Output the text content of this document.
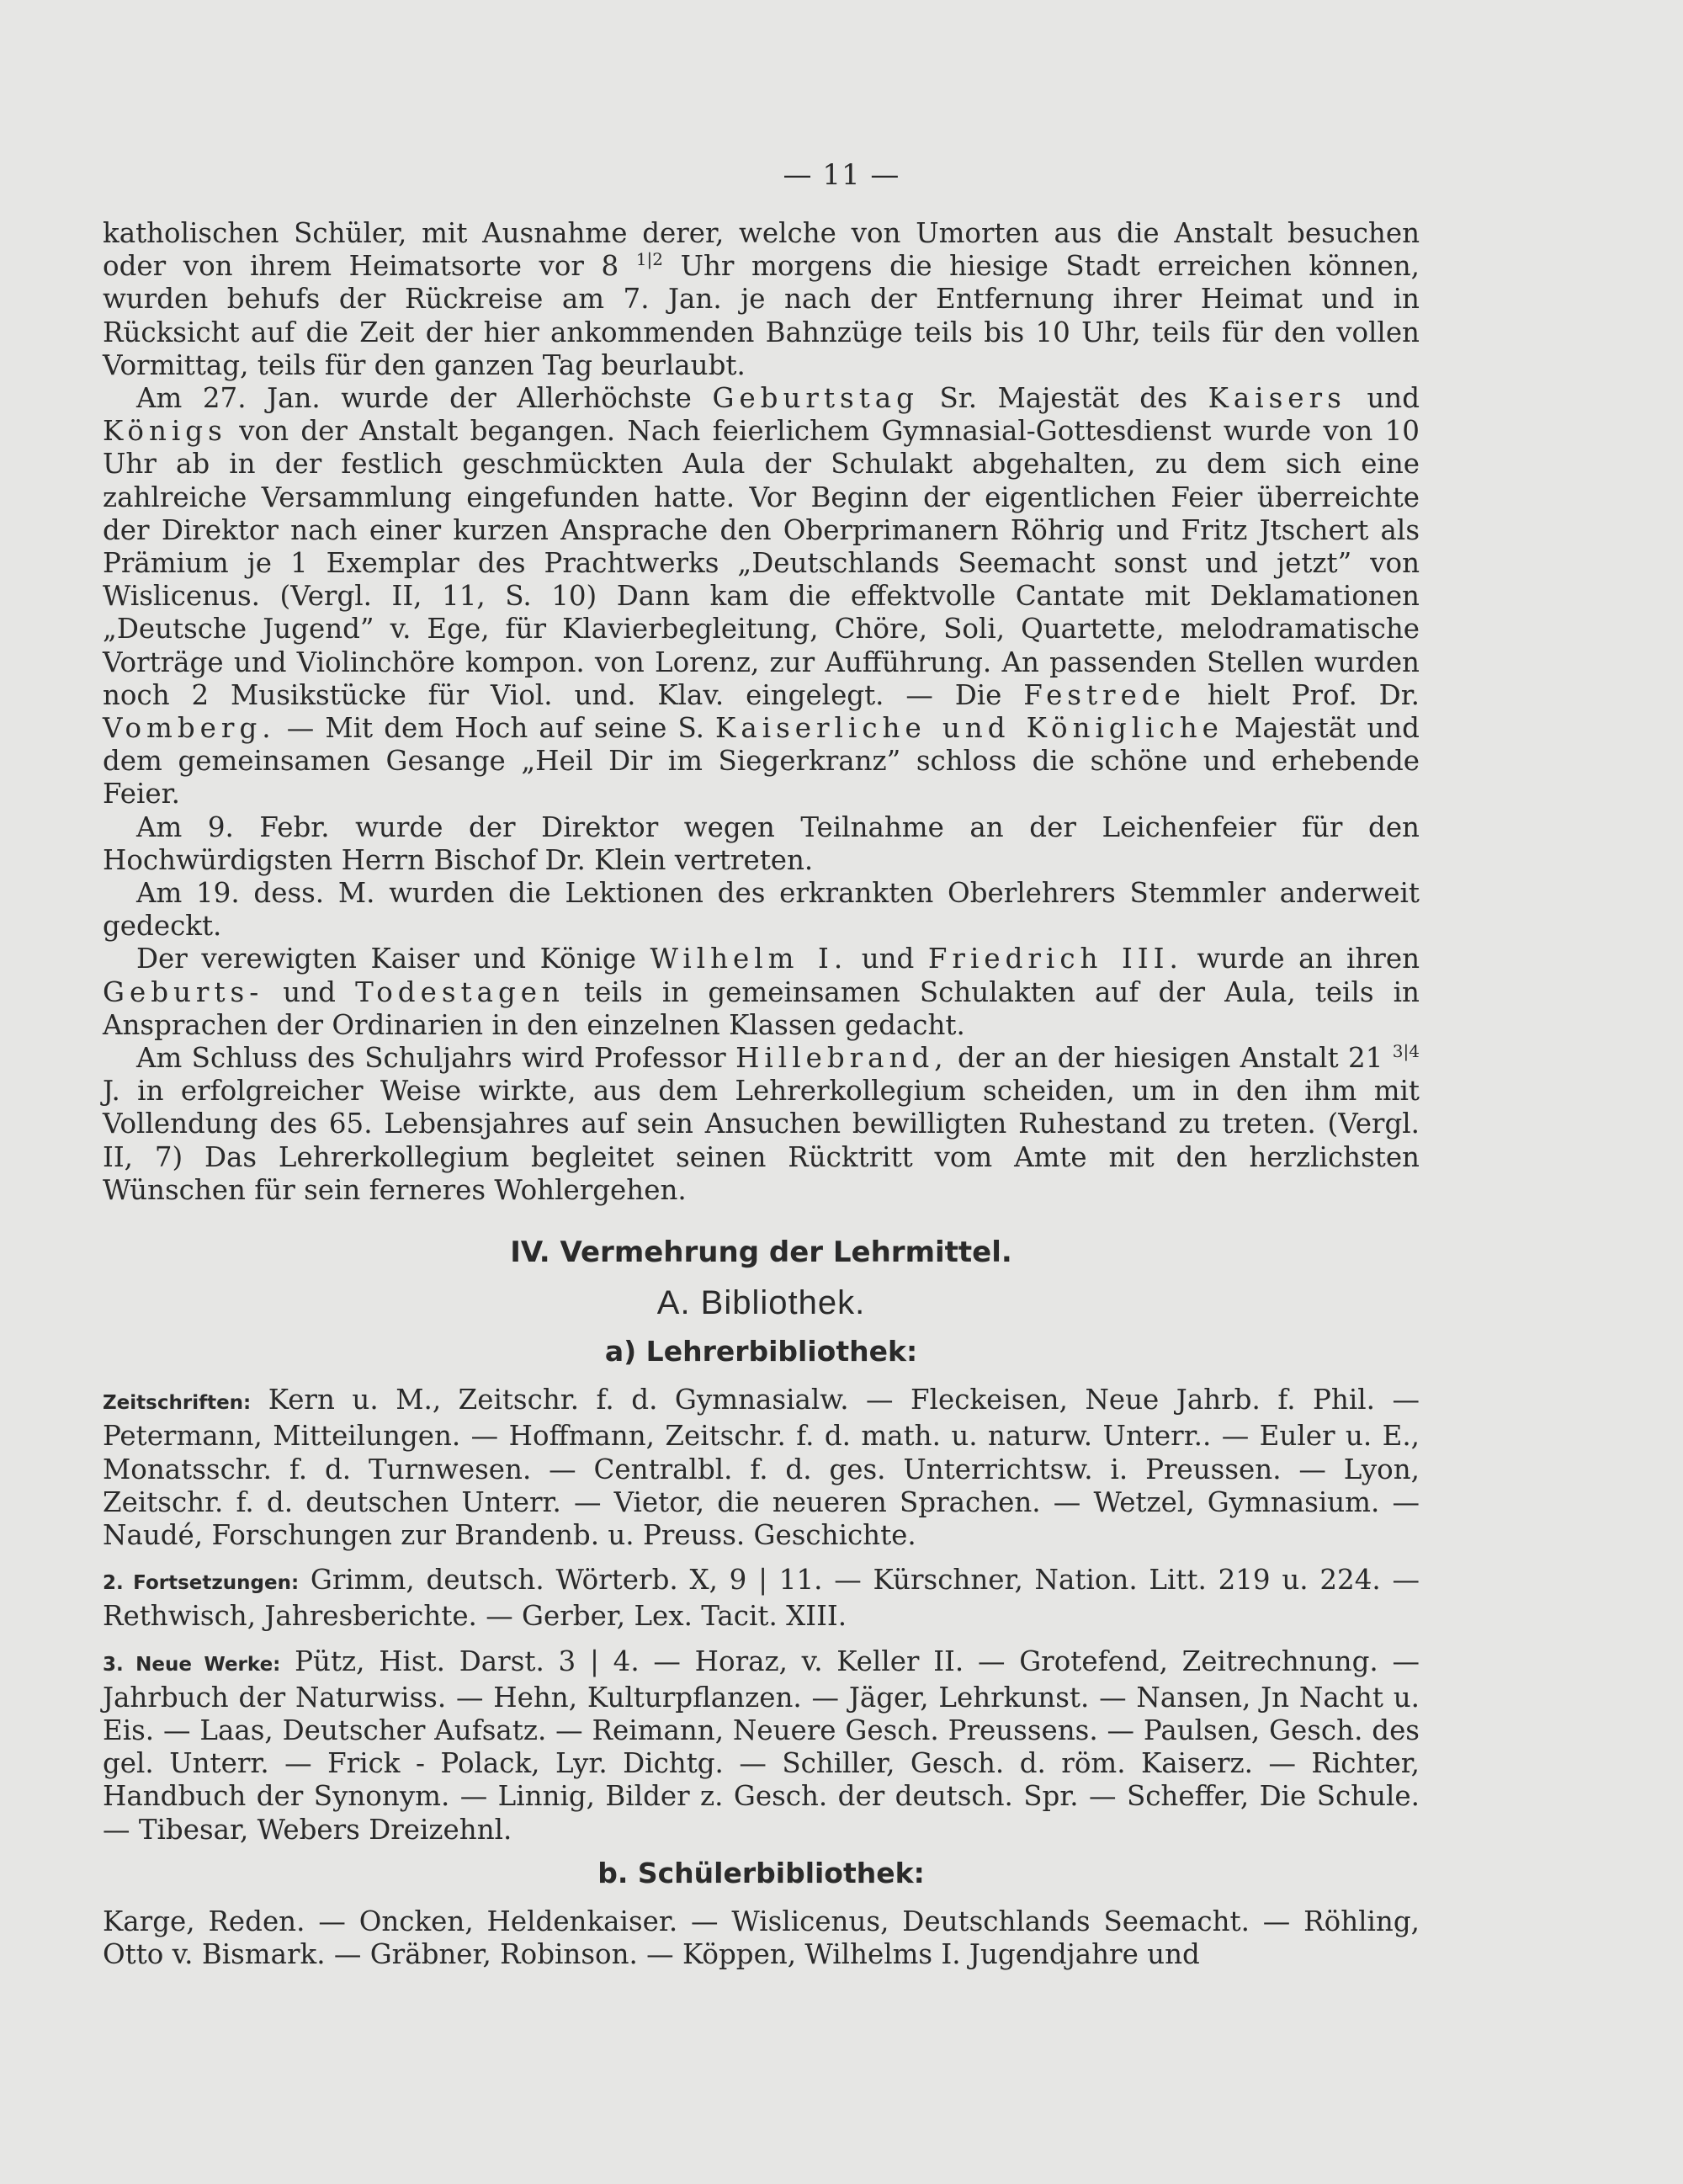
— 11 —

katholischen Schüler, mit Ausnahme derer, welche von Umorten aus die Anstalt besuchen oder von ihrem Heimatsorte vor 8 $^{1|2}$ Uhr morgens die hiesige Stadt erreichen können, wurden behufs der Rückreise am 7. Jan. je nach der Entfernung ihrer Heimat und in Rücksicht auf die Zeit der hier ankommenden Bahnzüge teils bis 10 Uhr, teils für den vollen Vormittag, teils für den ganzen Tag beurlaubt.

Am 27. Jan. wurde der Allerhöchste Geburtstag Sr. Majestät des Kaisers und Königs von der Anstalt begangen. Nach feierlichem Gymnasial-Gottesdienst wurde von 10 Uhr ab in der festlich geschmückten Aula der Schulakt abgehalten, zu dem sich eine zahlreiche Versammlung eingefunden hatte. Vor Beginn der eigentlichen Feier überreichte der Direktor nach einer kurzen Ansprache den Oberprimanern Röhrig und Fritz Jtschert als Prämium je 1 Exemplar des Prachtwerks „Deutschlands Seemacht sonst und jetzt” von Wislicenus. (Vergl. II, 11, S. 10) Dann kam die effektvolle Cantate mit Deklamationen „Deutsche Jugend” v. Ege, für Klavierbegleitung, Chöre, Soli, Quartette, melodramatische Vorträge und Violinchöre kompon. von Lorenz, zur Aufführung. An passenden Stellen wurden noch 2 Musikstücke für Viol. und. Klav. eingelegt. — Die Festrede hielt Prof. Dr. Vomberg. — Mit dem Hoch auf seine S. Kaiserliche und Königliche Majestät und dem gemeinsamen Gesange „Heil Dir im Siegerkranz” schloss die schöne und erhebende Feier.

Am 9. Febr. wurde der Direktor wegen Teilnahme an der Leichenfeier für den Hochwürdigsten Herrn Bischof Dr. Klein vertreten.

Am 19. dess. M. wurden die Lektionen des erkrankten Oberlehrers Stemmler anderweit gedeckt.

Der verewigten Kaiser und Könige Wilhelm I. und Friedrich III. wurde an ihren Geburts- und Todestagen teils in gemeinsamen Schulakten auf der Aula, teils in Ansprachen der Ordinarien in den einzelnen Klassen gedacht.

Am Schluss des Schuljahrs wird Professor Hillebrand, der an der hiesigen Anstalt 21 $^{3|4}$ J. in erfolgreicher Weise wirkte, aus dem Lehrerkollegium scheiden, um in den ihm mit Vollendung des 65. Lebensjahres auf sein Ansuchen bewilligten Ruhestand zu treten. (Vergl. II, 7) Das Lehrerkollegium begleitet seinen Rücktritt vom Amte mit den herzlichsten Wünschen für sein ferneres Wohlergehen.

IV. Vermehrung der Lehrmittel.
A. Bibliothek.
a) Lehrerbibliothek:

Zeitschriften: Kern u. M., Zeitschr. f. d. Gymnasialw. — Fleckeisen, Neue Jahrb. f. Phil. — Petermann, Mitteilungen. — Hoffmann, Zeitschr. f. d. math. u. naturw. Unterr.. — Euler u. E., Monatsschr. f. d. Turnwesen. — Centralbl. f. d. ges. Unterrichtsw. i. Preussen. — Lyon, Zeitschr. f. d. deutschen Unterr. — Vietor, die neueren Sprachen. — Wetzel, Gymnasium. — Naudé, Forschungen zur Brandenb. u. Preuss. Geschichte.

2. Fortsetzungen: Grimm, deutsch. Wörterb. X, 9 | 11. — Kürschner, Nation. Litt. 219 u. 224. — Rethwisch, Jahresberichte. — Gerber, Lex. Tacit. XIII.

3. Neue Werke: Pütz, Hist. Darst. 3 | 4. — Horaz, v. Keller II. — Grotefend, Zeitrechnung. — Jahrbuch der Naturwiss. — Hehn, Kulturpflanzen. — Jäger, Lehrkunst. — Nansen, Jn Nacht u. Eis. — Laas, Deutscher Aufsatz. — Reimann, Neuere Gesch. Preussens. — Paulsen, Gesch. des gel. Unterr. — Frick - Polack, Lyr. Dichtg. — Schiller, Gesch. d. röm. Kaiserz. — Richter, Handbuch der Synonym. — Linnig, Bilder z. Gesch. der deutsch. Spr. — Scheffer, Die Schule. — Tibesar, Webers Dreizehnl.

b. Schülerbibliothek:

Karge, Reden. — Oncken, Heldenkaiser. — Wislicenus, Deutschlands Seemacht. — Röhling, Otto v. Bismark. — Gräbner, Robinson. — Köppen, Wilhelms I. Jugendjahre und
